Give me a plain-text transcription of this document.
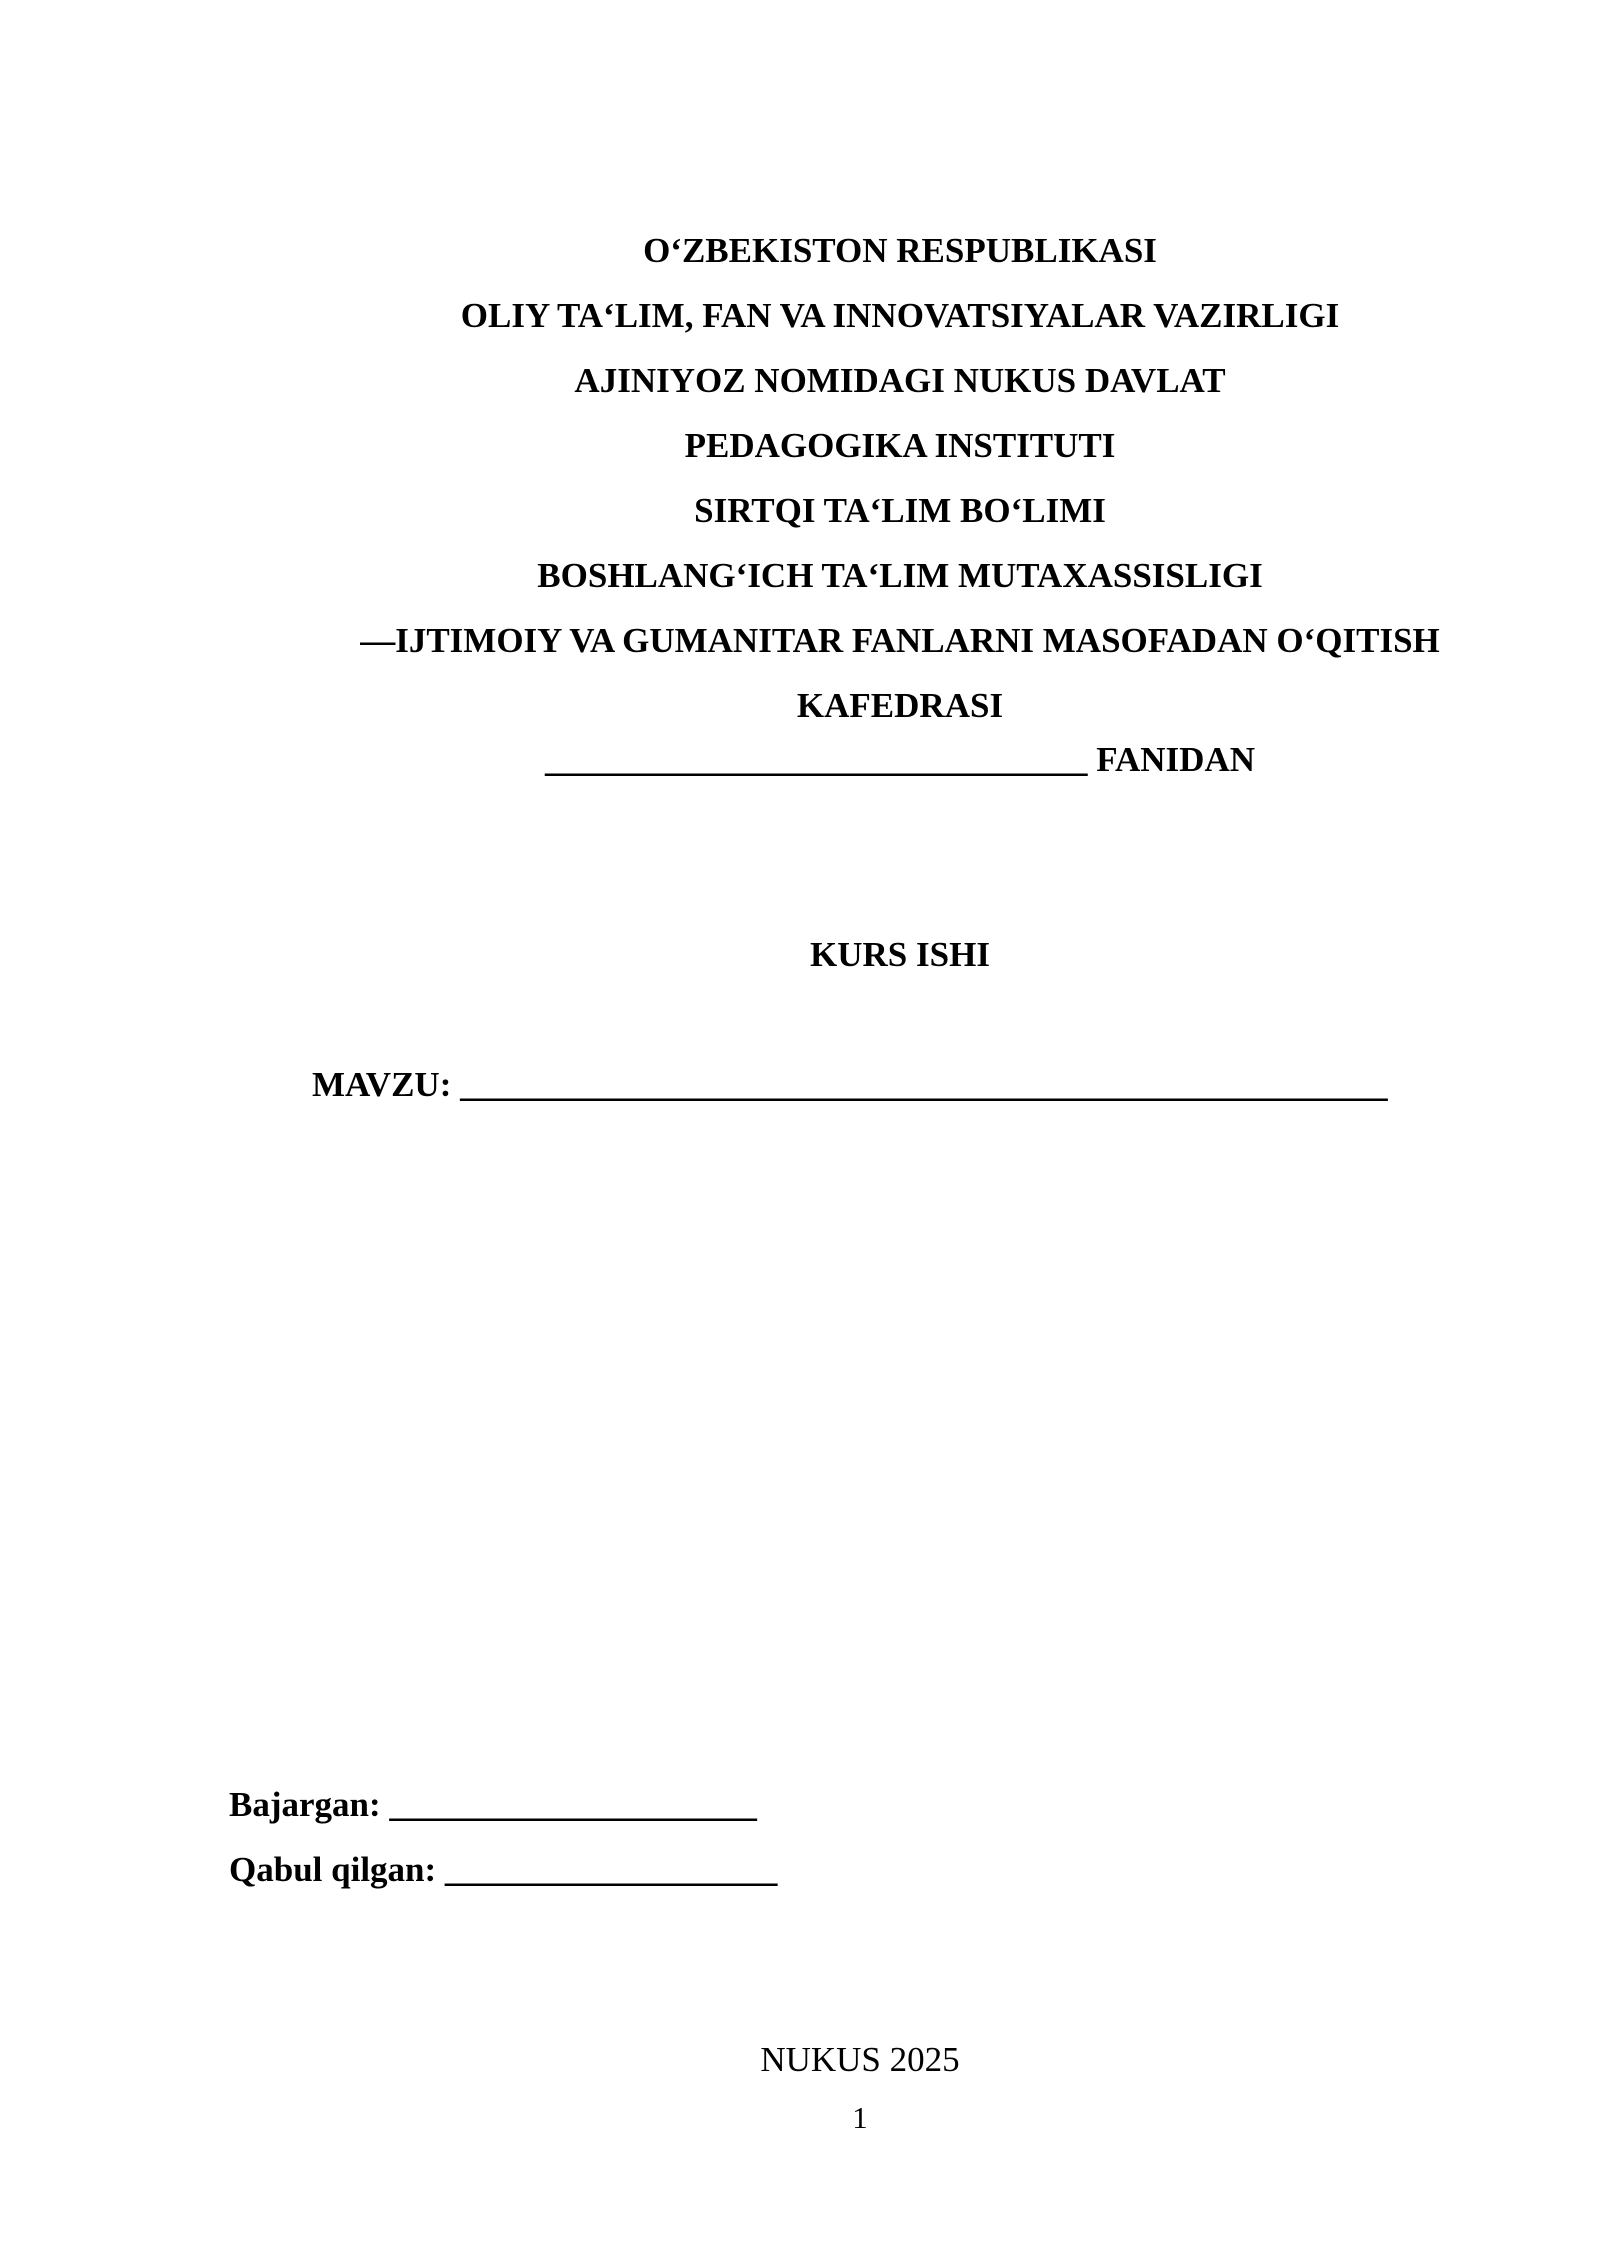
O‘ZBEKISTON RESPUBLIKASI
OLIY TA‘LIM, FAN VA INNOVATSIYALAR VAZIRLIGI
AJINIYOZ NOMIDAGI NUKUS DAVLAT
PEDAGOGIKA INSTITUTI
SIRTQI TA‘LIM BO‘LIMI
BOSHLANG‘ICH TA‘LIM MUTAXASSISLIGI
—IJTIMOIY VA GUMANITAR FANLARNI MASOFADAN O‘QITISH
KAFEDRASI
_______________________________ FANIDAN
KURS ISHI
MAVZU: _____________________________________________________
Bajargan: _____________________
Qabul qilgan: ___________________
NUKUS 2025
1
